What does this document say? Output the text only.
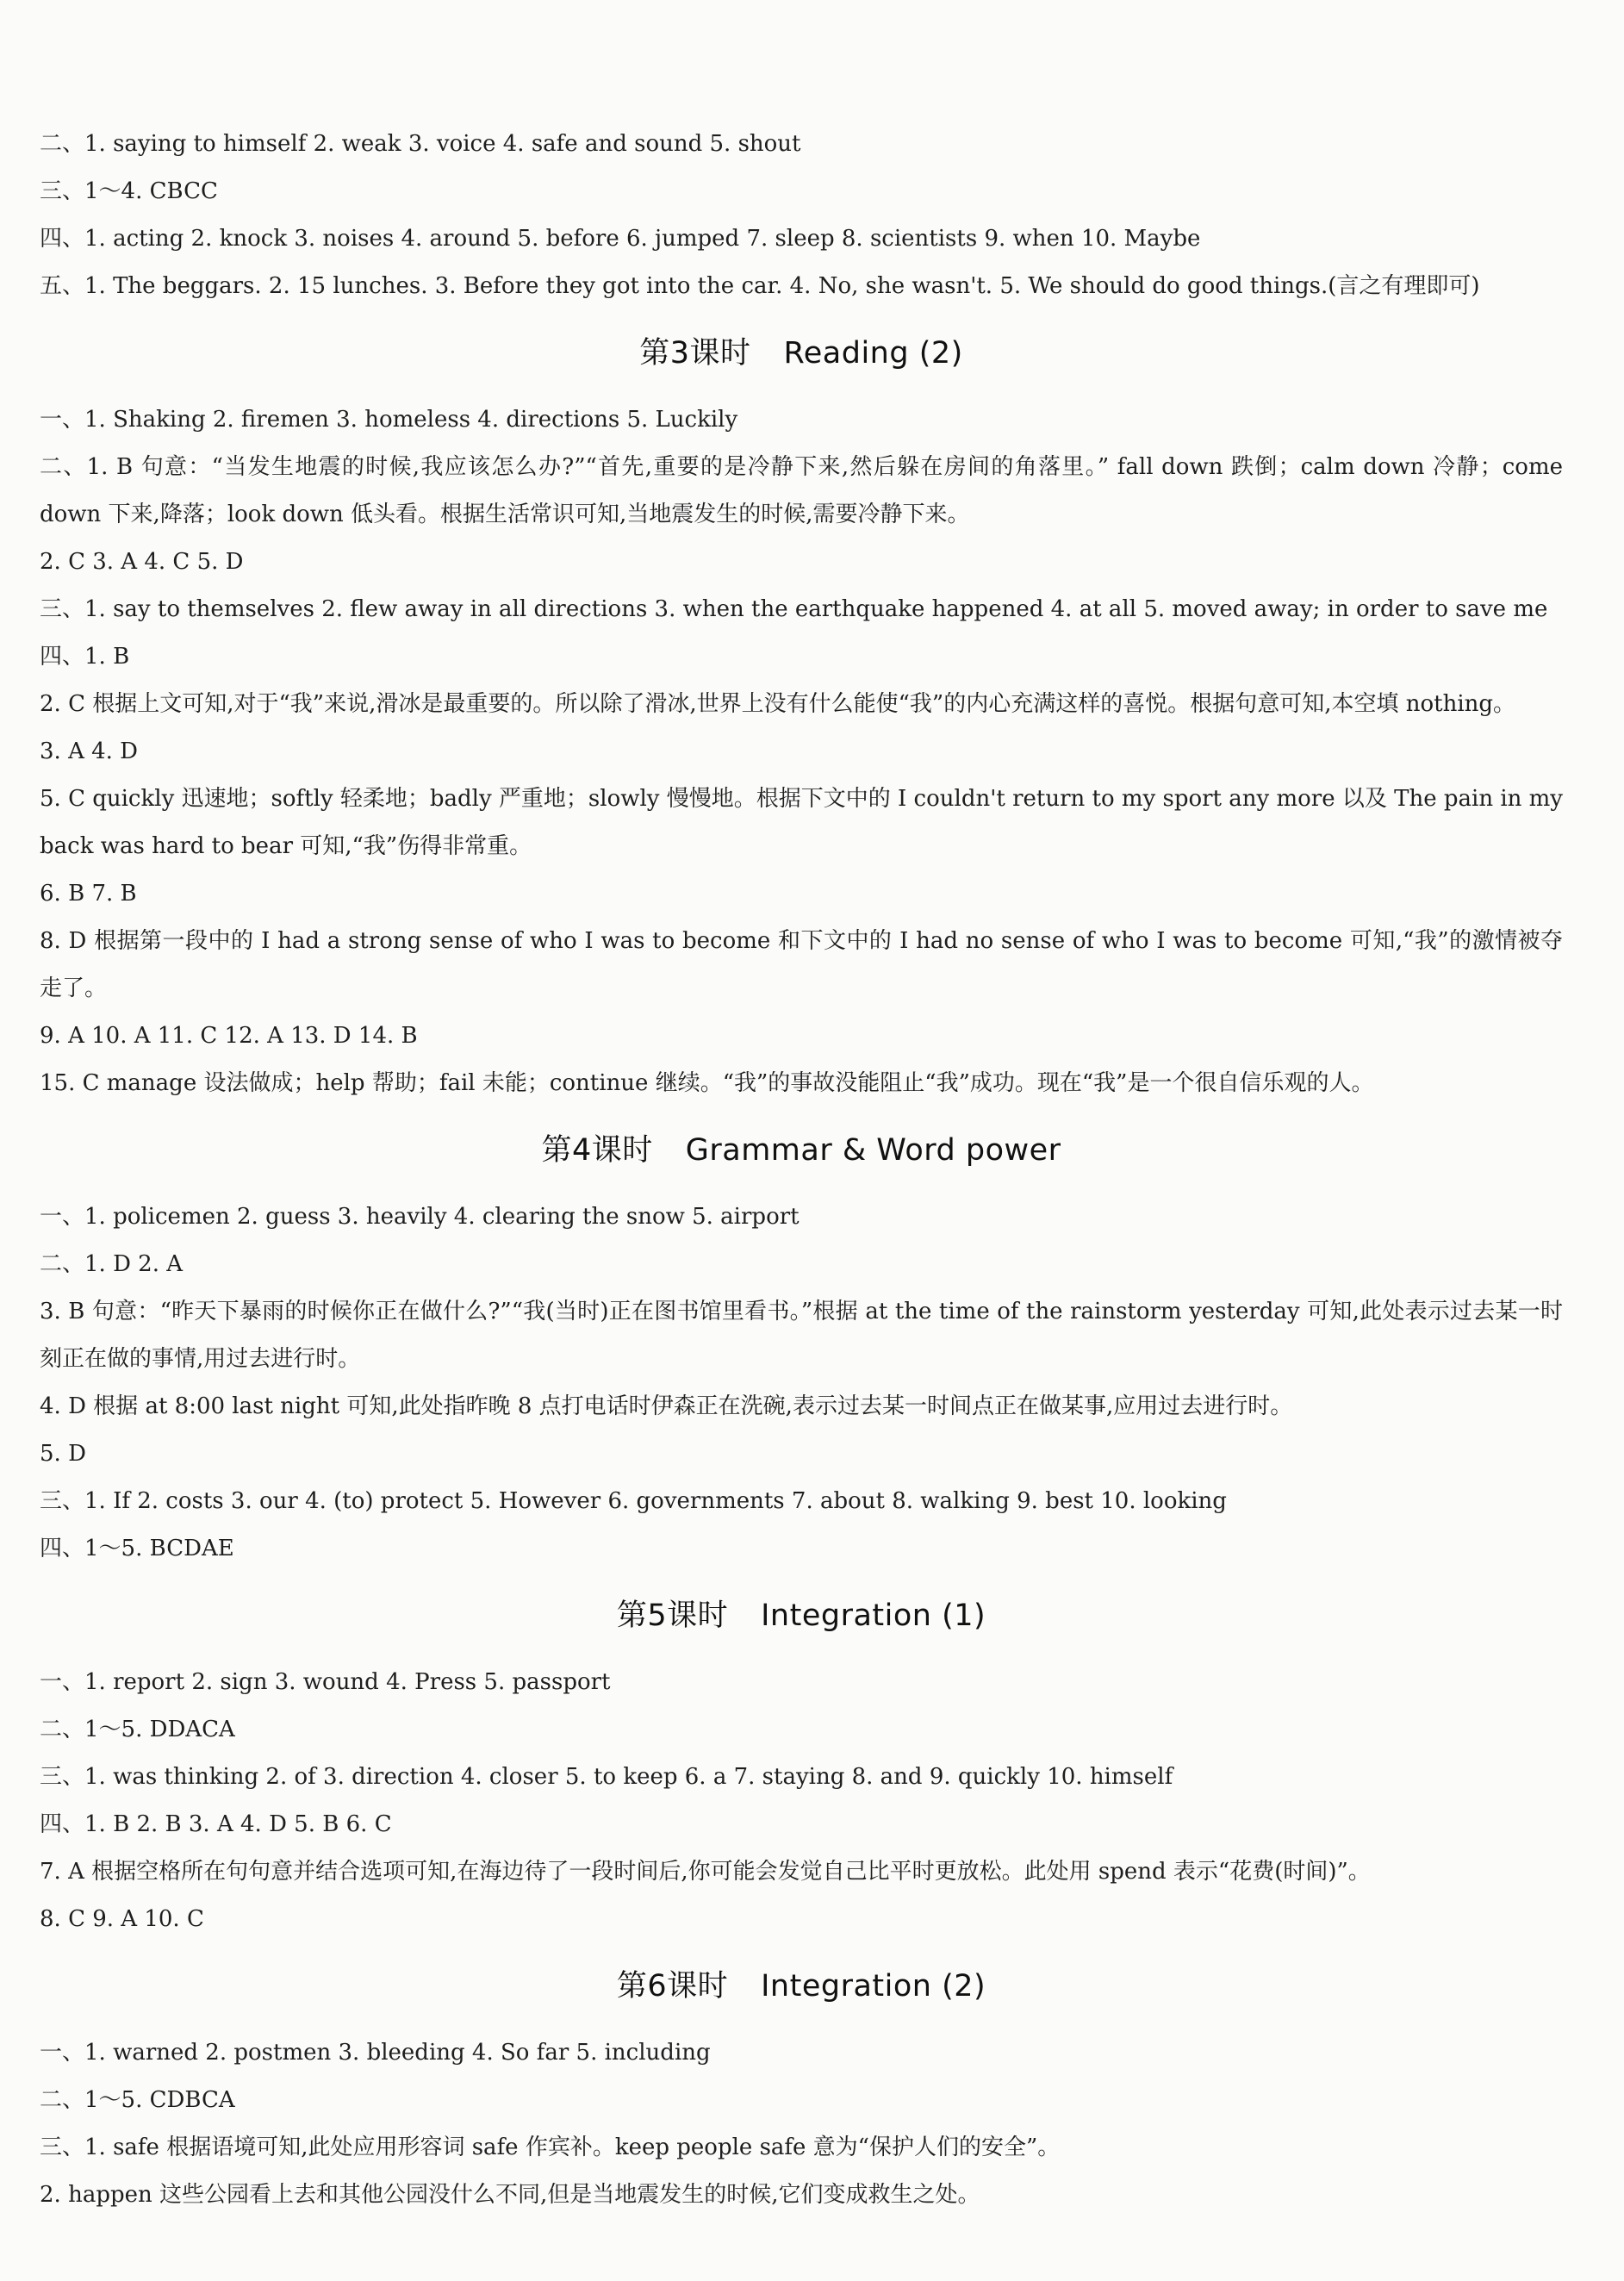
二、1. saying to himself 2. weak 3. voice 4. safe and sound 5. shout
三、1～4. CBCC
四、1. acting 2. knock 3. noises 4. around 5. before 6. jumped 7. sleep 8. scientists 9. when 10. Maybe
五、1. The beggars. 2. 15 lunches. 3. Before they got into the car. 4. No, she wasn't. 5. We should do good things.(言之有理即可)
第3课时 Reading (2)
一、1. Shaking 2. firemen 3. homeless 4. directions 5. Luckily
二、1. B 句意：“当发生地震的时候,我应该怎么办?”“首先,重要的是冷静下来,然后躲在房间的角落里。” fall down 跌倒；calm down 冷静；come down 下来,降落；look down 低头看。根据生活常识可知,当地震发生的时候,需要冷静下来。
2. C 3. A 4. C 5. D
三、1. say to themselves 2. flew away in all directions 3. when the earthquake happened 4. at all 5. moved away; in order to save me
四、1. B
2. C 根据上文可知,对于“我”来说,滑冰是最重要的。所以除了滑冰,世界上没有什么能使“我”的内心充满这样的喜悦。根据句意可知,本空填 nothing。
3. A 4. D
5. C quickly 迅速地；softly 轻柔地；badly 严重地；slowly 慢慢地。根据下文中的 I couldn't return to my sport any more 以及 The pain in my back was hard to bear 可知,“我”伤得非常重。
6. B 7. B
8. D 根据第一段中的 I had a strong sense of who I was to become 和下文中的 I had no sense of who I was to become 可知,“我”的激情被夺走了。
9. A 10. A 11. C 12. A 13. D 14. B
15. C manage 设法做成；help 帮助；fail 未能；continue 继续。“我”的事故没能阻止“我”成功。现在“我”是一个很自信乐观的人。
第4课时 Grammar & Word power
一、1. policemen 2. guess 3. heavily 4. clearing the snow 5. airport
二、1. D 2. A
3. B 句意：“昨天下暴雨的时候你正在做什么?”“我(当时)正在图书馆里看书。”根据 at the time of the rainstorm yesterday 可知,此处表示过去某一时刻正在做的事情,用过去进行时。
4. D 根据 at 8:00 last night 可知,此处指昨晚 8 点打电话时伊森正在洗碗,表示过去某一时间点正在做某事,应用过去进行时。
5. D
三、1. If 2. costs 3. our 4. (to) protect 5. However 6. governments 7. about 8. walking 9. best 10. looking
四、1～5. BCDAE
第5课时 Integration (1)
一、1. report 2. sign 3. wound 4. Press 5. passport
二、1～5. DDACA
三、1. was thinking 2. of 3. direction 4. closer 5. to keep 6. a 7. staying 8. and 9. quickly 10. himself
四、1. B 2. B 3. A 4. D 5. B 6. C
7. A 根据空格所在句句意并结合选项可知,在海边待了一段时间后,你可能会发觉自己比平时更放松。此处用 spend 表示“花费(时间)”。
8. C 9. A 10. C
第6课时 Integration (2)
一、1. warned 2. postmen 3. bleeding 4. So far 5. including
二、1～5. CDBCA
三、1. safe 根据语境可知,此处应用形容词 safe 作宾补。keep people safe 意为“保护人们的安全”。
2. happen 这些公园看上去和其他公园没什么不同,但是当地震发生的时候,它们变成救生之处。
